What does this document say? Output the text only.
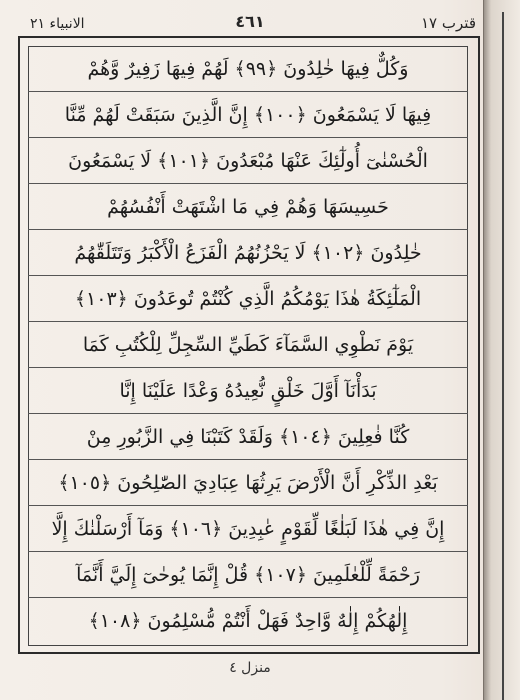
الانبياء ٢١	٤٦١	قترب ١٧
وَكُلٌّ فِيهَا خٰلِدُونَ ﴿٩٩﴾ لَهُمْ فِيهَا زَفِيرٌ وَّهُمْ
فِيهَا لَا يَسْمَعُونَ ﴿١٠٠﴾ إِنَّ الَّذِينَ سَبَقَتْ لَهُمْ مِّنَّا
الْحُسْنٰىٓ أُولٰٓئِكَ عَنْهَا مُبْعَدُونَ ﴿١٠١﴾ لَا يَسْمَعُونَ
حَسِيسَهَا وَهُمْ فِي مَا اشْتَهَتْ أَنْفُسُهُمْ
خٰلِدُونَ ﴿١٠٢﴾ لَا يَحْزُنُهُمُ الْفَزَعُ الْأَكْبَرُ وَتَتَلَقّٰهُمُ
الْمَلٰٓئِكَةُ هٰذَا يَوْمُكُمُ الَّذِي كُنْتُمْ تُوعَدُونَ ﴿١٠٣﴾
يَوْمَ نَطْوِي السَّمَآءَ كَطَيِّ السِّجِلِّ لِلْكُتُبِ كَمَا
بَدَأْنَآ أَوَّلَ خَلْقٍ نُّعِيدُهُ وَعْدًا عَلَيْنَا إِنَّا
كُنَّا فٰعِلِينَ ﴿١٠٤﴾ وَلَقَدْ كَتَبْنَا فِي الزَّبُورِ مِنْ
بَعْدِ الذِّكْرِ أَنَّ الْأَرْضَ يَرِثُهَا عِبَادِيَ الصّٰلِحُونَ ﴿١٠٥﴾
إِنَّ فِي هٰذَا لَبَلٰغًا لِّقَوْمٍ عٰبِدِينَ ﴿١٠٦﴾ وَمَآ أَرْسَلْنٰكَ إِلَّا
رَحْمَةً لِّلْعٰلَمِينَ ﴿١٠٧﴾ قُلْ إِنَّمَا يُوحٰىٓ إِلَيَّ أَنَّمَآ
إِلٰهُكُمْ إِلٰهٌ وَّاحِدٌ فَهَلْ أَنْتُمْ مُّسْلِمُونَ ﴿١٠٨﴾
منزل ٤
